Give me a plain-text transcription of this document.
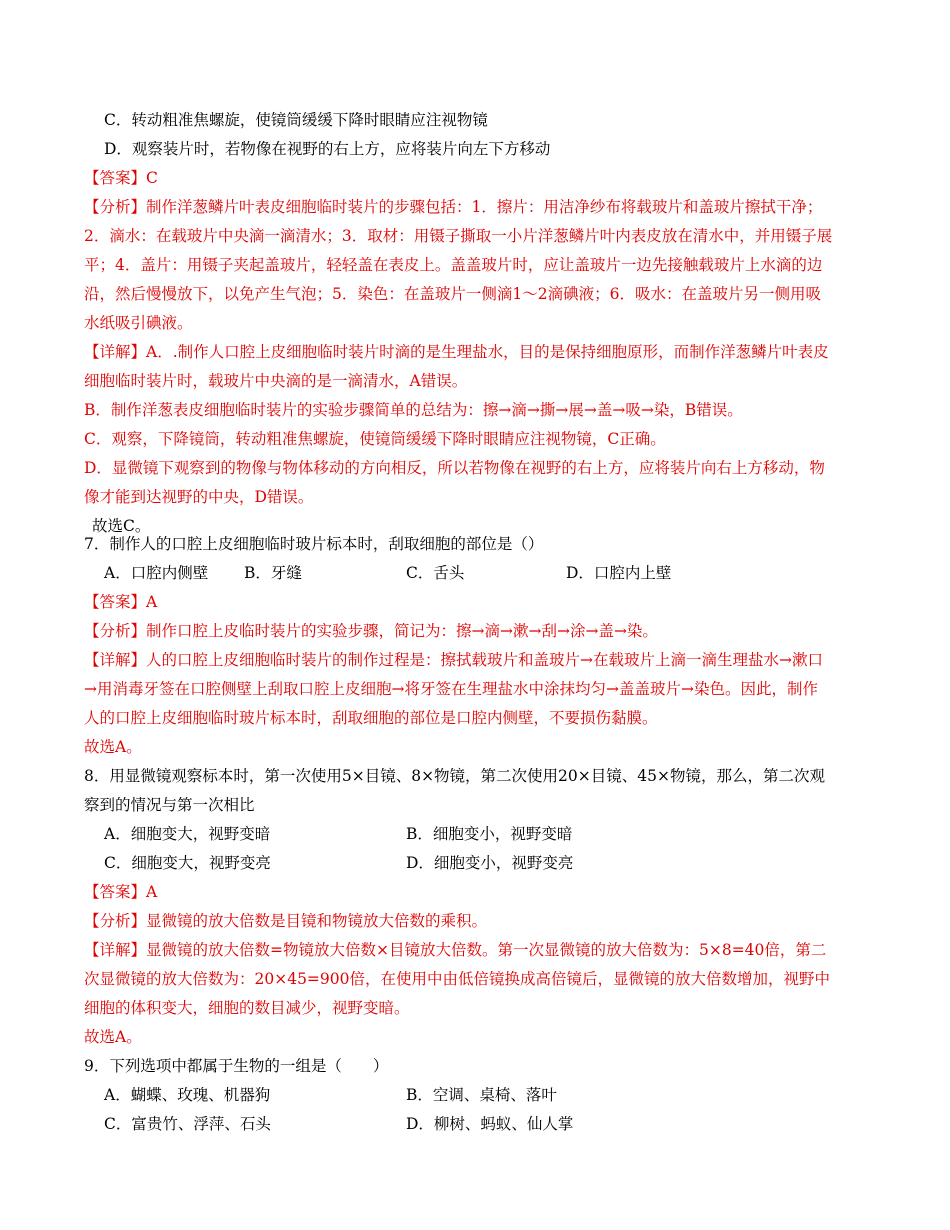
C．转动粗准焦螺旋，使镜筒缓缓下降时眼睛应注视物镜
D．观察装片时，若物像在视野的右上方，应将装片向左下方移动
【答案】C
【分析】制作洋葱鳞片叶表皮细胞临时装片的步骤包括：1．擦片：用洁净纱布将载玻片和盖玻片擦拭干净；
2．滴水：在载玻片中央滴一滴清水；3．取材：用镊子撕取一小片洋葱鳞片叶内表皮放在清水中，并用镊子展
平；4．盖片：用镊子夹起盖玻片，轻轻盖在表皮上。盖盖玻片时，应让盖玻片一边先接触载玻片上水滴的边
沿，然后慢慢放下，以免产生气泡；5．染色：在盖玻片一侧滴1～2滴碘液；6．吸水：在盖玻片另一侧用吸
水纸吸引碘液。
【详解】A．.制作人口腔上皮细胞临时装片时滴的是生理盐水，目的是保持细胞原形，而制作洋葱鳞片叶表皮
细胞临时装片时，载玻片中央滴的是一滴清水，A错误。
B．制作洋葱表皮细胞临时装片的实验步骤简单的总结为：擦→滴→撕→展→盖→吸→染，B错误。
C．观察，下降镜筒，转动粗准焦螺旋，使镜筒缓缓下降时眼睛应注视物镜，C正确。
D．显微镜下观察到的物像与物体移动的方向相反，所以若物像在视野的右上方，应将装片向右上方移动，物
像才能到达视野的中央，D错误。
故选C。
7．制作人的口腔上皮细胞临时玻片标本时，刮取细胞的部位是（）
A．口腔内侧壁 B．牙缝	C．舌头	D．口腔内上壁
【答案】A
【分析】制作口腔上皮临时装片的实验步骤，简记为：擦→滴→漱→刮→涂→盖→染。
【详解】人的口腔上皮细胞临时装片的制作过程是：擦拭载玻片和盖玻片→在载玻片上滴一滴生理盐水→漱口
→用消毒牙签在口腔侧壁上刮取口腔上皮细胞→将牙签在生理盐水中涂抹均匀→盖盖玻片→染色。因此，制作
人的口腔上皮细胞临时玻片标本时，刮取细胞的部位是口腔内侧壁，不要损伤黏膜。
故选A。
8．用显微镜观察标本时，第一次使用5×目镜、8×物镜，第二次使用20×目镜、45×物镜，那么，第二次观
察到的情况与第一次相比
A．细胞变大，视野变暗	B．细胞变小，视野变暗
C．细胞变大，视野变亮	D．细胞变小，视野变亮
【答案】A
【分析】显微镜的放大倍数是目镜和物镜放大倍数的乘积。
【详解】显微镜的放大倍数=物镜放大倍数×目镜放大倍数。第一次显微镜的放大倍数为：5×8=40倍，第二
次显微镜的放大倍数为：20×45=900倍，在使用中由低倍镜换成高倍镜后，显微镜的放大倍数增加，视野中
细胞的体积变大，细胞的数目减少，视野变暗。
故选A。
9．下列选项中都属于生物的一组是（　　）
A．蝴蝶、玫瑰、机器狗	B．空调、桌椅、落叶
C．富贵竹、浮萍、石头	D．柳树、蚂蚁、仙人掌
